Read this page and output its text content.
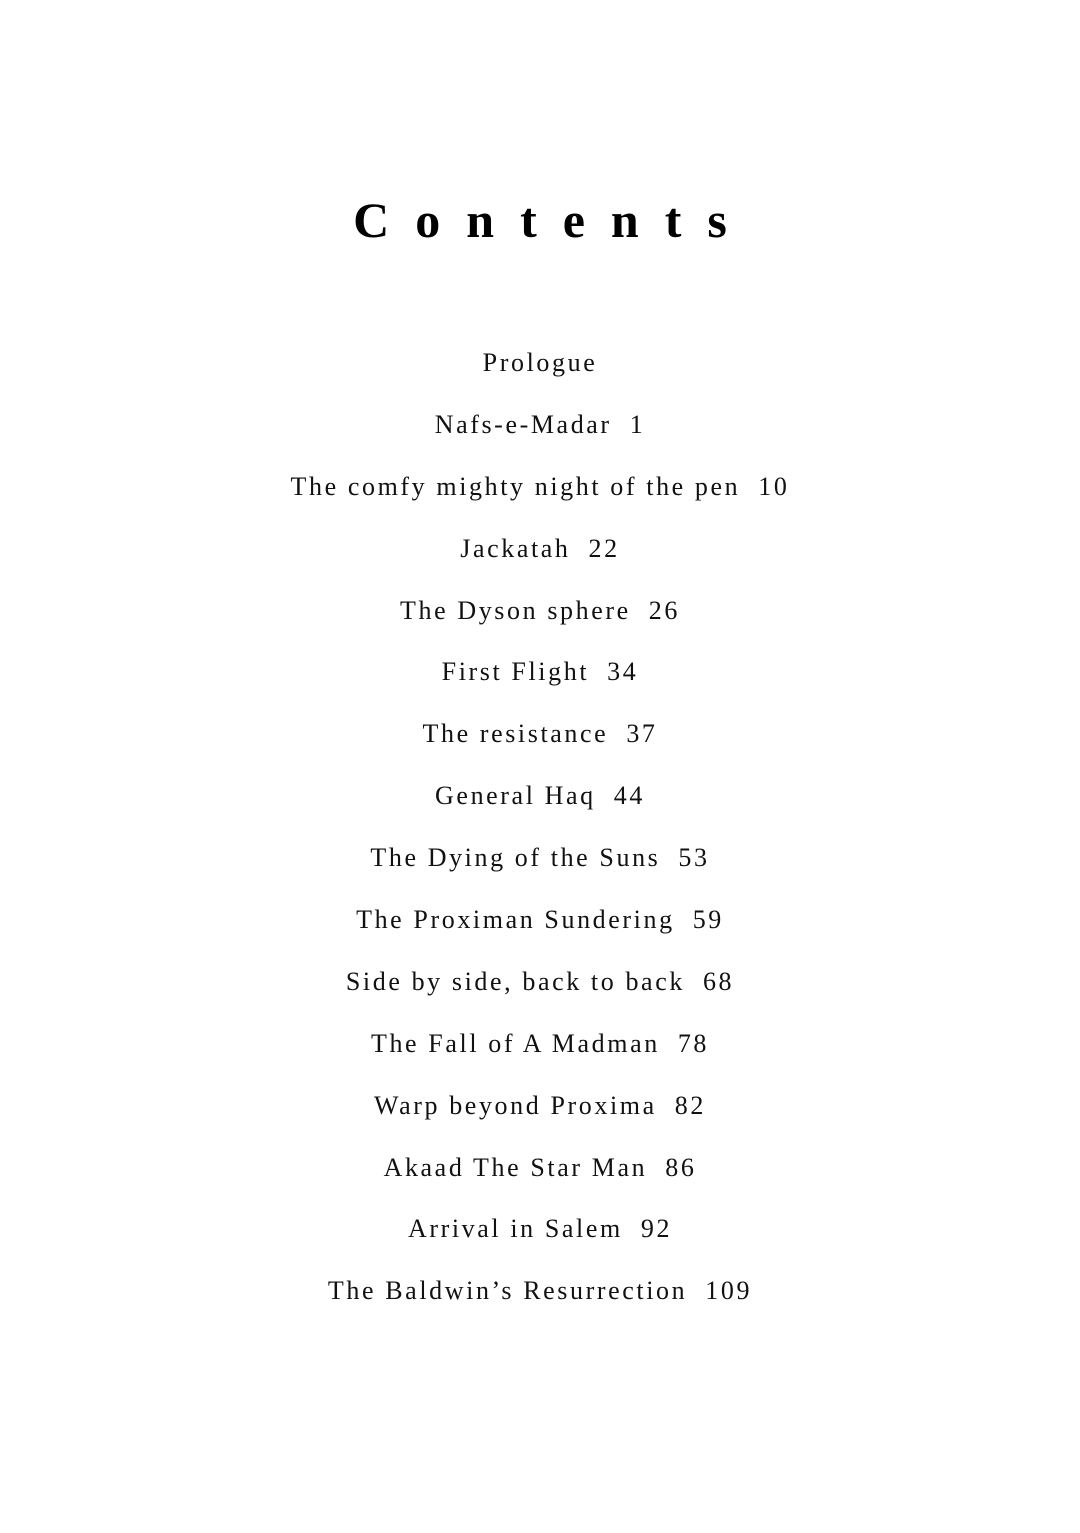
Contents
Prologue
Nafs-e-Madar 1
The comfy mighty night of the pen 10
Jackatah 22
The Dyson sphere 26
First Flight 34
The resistance 37
General Haq 44
The Dying of the Suns 53
The Proximan Sundering 59
Side by side, back to back 68
The Fall of A Madman 78
Warp beyond Proxima 82
Akaad The Star Man 86
Arrival in Salem 92
The Baldwin’s Resurrection 109
